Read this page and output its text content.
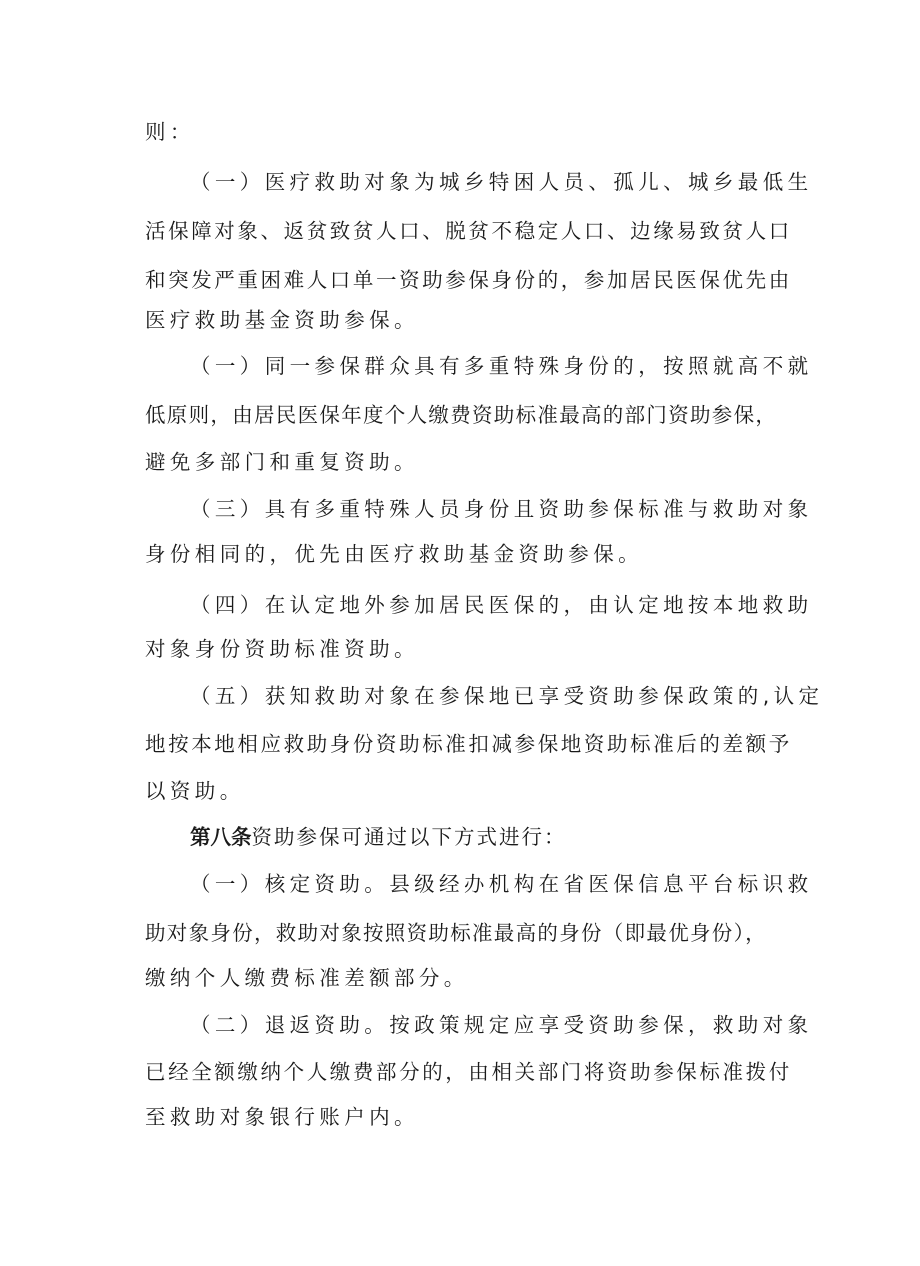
则：
（一）医疗救助对象为城乡特困人员、孤儿、城乡最低生
活保障对象、返贫致贫人口、脱贫不稳定人口、边缘易致贫人口
和突发严重困难人口单一资助参保身份的，参加居民医保优先由
医疗救助基金资助参保。
（一）同一参保群众具有多重特殊身份的，按照就高不就
低原则，由居民医保年度个人缴费资助标准最高的部门资助参保，
避免多部门和重复资助。
（三）具有多重特殊人员身份且资助参保标准与救助对象
身份相同的，优先由医疗救助基金资助参保。
（四）在认定地外参加居民医保的，由认定地按本地救助
对象身份资助标准资助。
（五）获知救助对象在参保地已享受资助参保政策的,认定
地按本地相应救助身份资助标准扣减参保地资助标准后的差额予
以资助。
第八条资助参保可通过以下方式进行：
（一）核定资助。县级经办机构在省医保信息平台标识救
助对象身份，救助对象按照资助标准最高的身份（即最优身份），
缴纳个人缴费标准差额部分。
（二）退返资助。按政策规定应享受资助参保，救助对象
已经全额缴纳个人缴费部分的，由相关部门将资助参保标准拨付
至救助对象银行账户内。
